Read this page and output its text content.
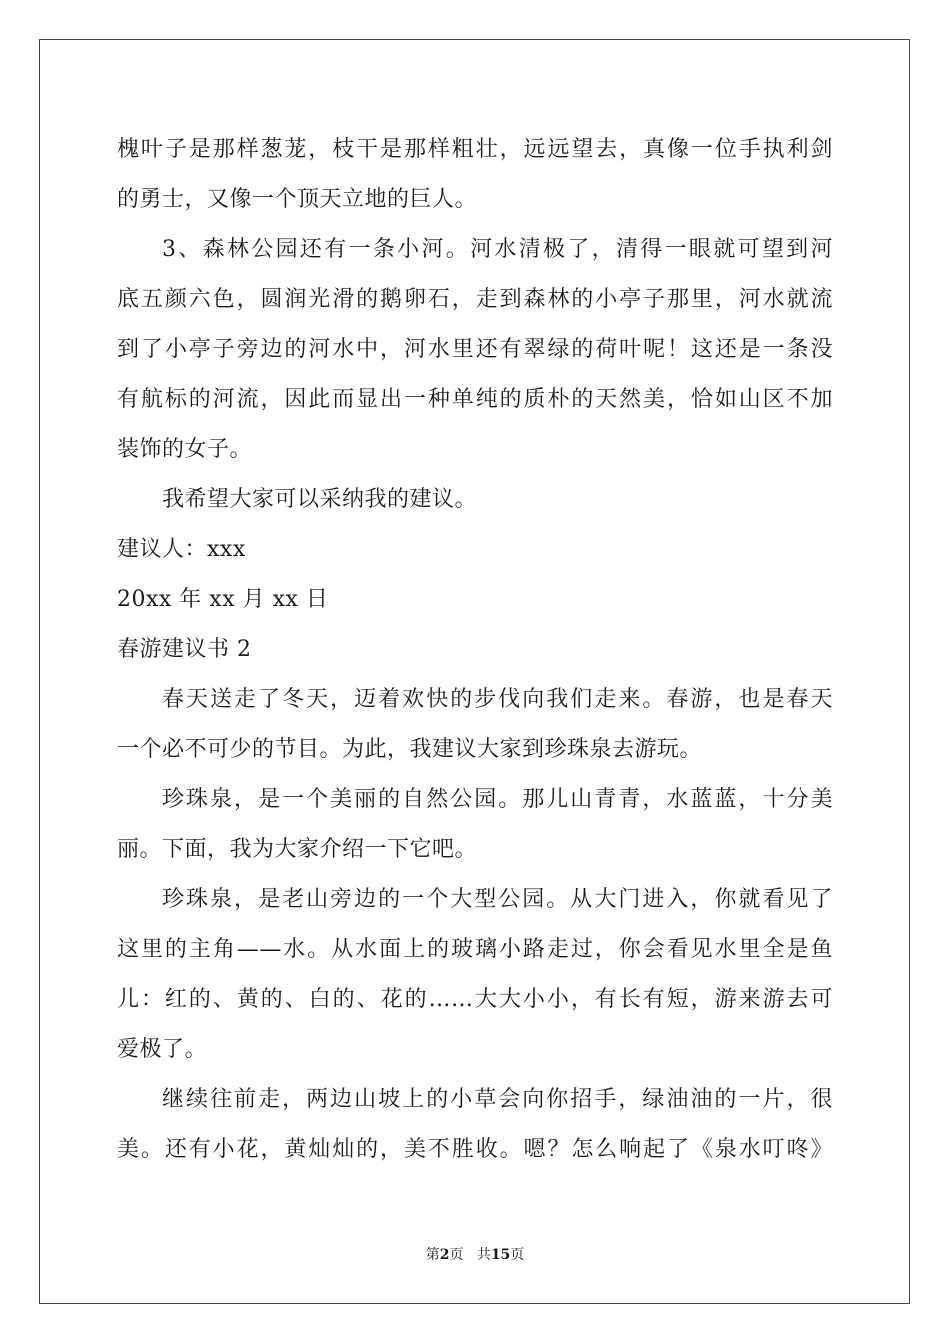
槐叶子是那样葱茏，枝干是那样粗壮，远远望去，真像一位手执利剑
的勇士，又像一个顶天立地的巨人。
3、森林公园还有一条小河。河水清极了，清得一眼就可望到河
底五颜六色，圆润光滑的鹅卵石，走到森林的小亭子那里，河水就流
到了小亭子旁边的河水中，河水里还有翠绿的荷叶呢！这还是一条没
有航标的河流，因此而显出一种单纯的质朴的天然美，恰如山区不加
装饰的女子。
我希望大家可以采纳我的建议。
建议人：xxx
20xx 年 xx 月 xx 日
春游建议书 2
春天送走了冬天，迈着欢快的步伐向我们走来。春游，也是春天
一个必不可少的节目。为此，我建议大家到珍珠泉去游玩。
珍珠泉，是一个美丽的自然公园。那儿山青青，水蓝蓝，十分美
丽。下面，我为大家介绍一下它吧。
珍珠泉，是老山旁边的一个大型公园。从大门进入，你就看见了
这里的主角——水。从水面上的玻璃小路走过，你会看见水里全是鱼
儿：红的、黄的、白的、花的……大大小小，有长有短，游来游去可
爱极了。
继续往前走，两边山坡上的小草会向你招手，绿油油的一片，很
美。还有小花，黄灿灿的，美不胜收。嗯？怎么响起了《泉水叮咚》
第2页 共15页
